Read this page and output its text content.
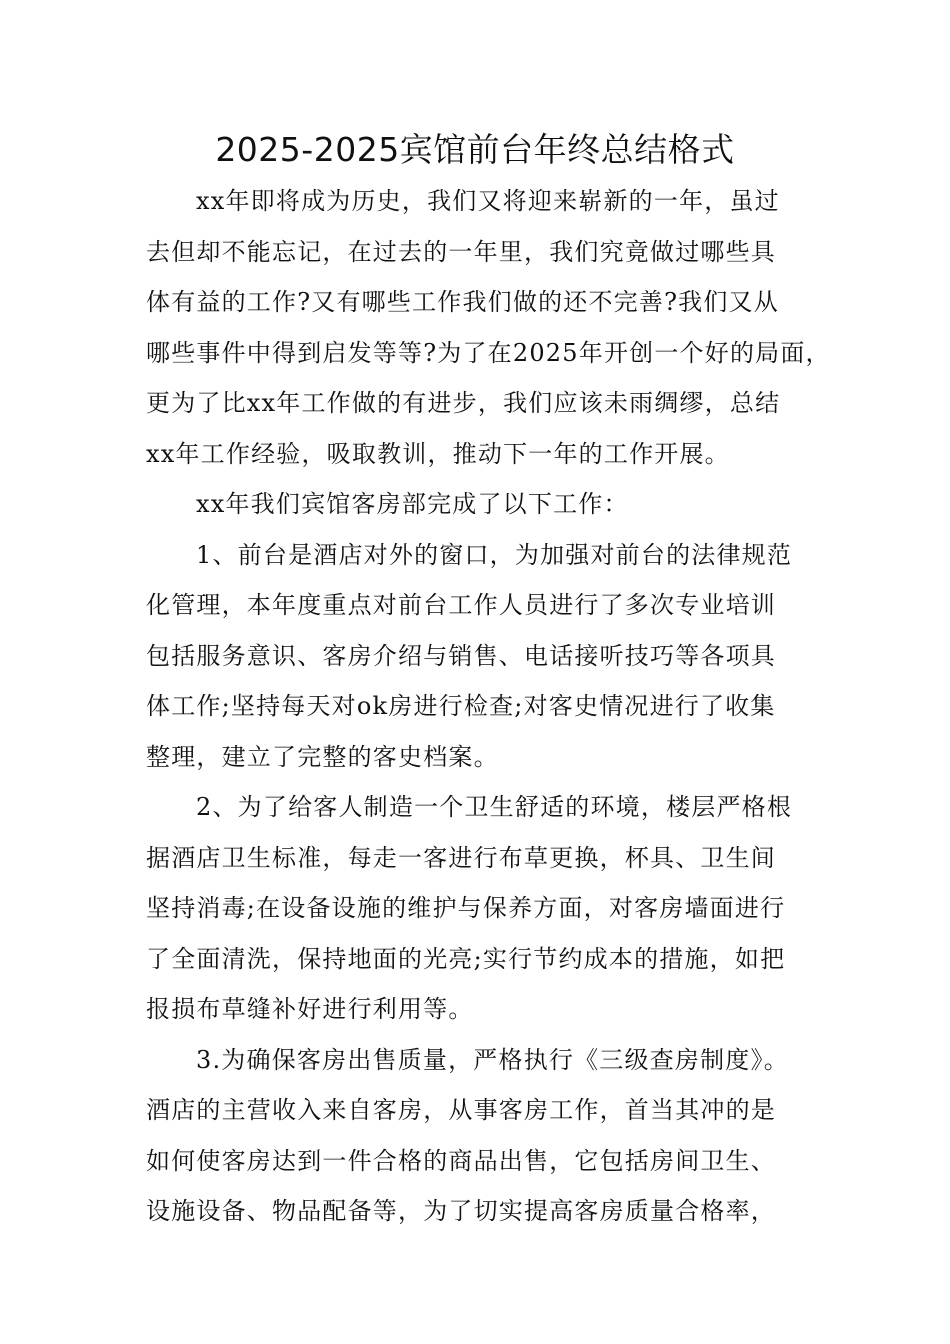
2025-2025宾馆前台年终总结格式

xx年即将成为历史，我们又将迎来崭新的一年，虽过
去但却不能忘记，在过去的一年里，我们究竟做过哪些具
体有益的工作?又有哪些工作我们做的还不完善?我们又从
哪些事件中得到启发等等?为了在2025年开创一个好的局面，
更为了比xx年工作做的有进步，我们应该未雨绸缪，总结
xx年工作经验，吸取教训，推动下一年的工作开展。

xx年我们宾馆客房部完成了以下工作：

1、前台是酒店对外的窗口，为加强对前台的法律规范
化管理，本年度重点对前台工作人员进行了多次专业培训
包括服务意识、客房介绍与销售、电话接听技巧等各项具
体工作;坚持每天对ok房进行检查;对客史情况进行了收集
整理，建立了完整的客史档案。

2、为了给客人制造一个卫生舒适的环境，楼层严格根
据酒店卫生标准，每走一客进行布草更换，杯具、卫生间
坚持消毒;在设备设施的维护与保养方面，对客房墙面进行
了全面清洗，保持地面的光亮;实行节约成本的措施，如把
报损布草缝补好进行利用等。

3.为确保客房出售质量，严格执行《三级查房制度》。
酒店的主营收入来自客房，从事客房工作，首当其冲的是
如何使客房达到一件合格的商品出售，它包括房间卫生、
设施设备、物品配备等，为了切实提高客房质量合格率，
